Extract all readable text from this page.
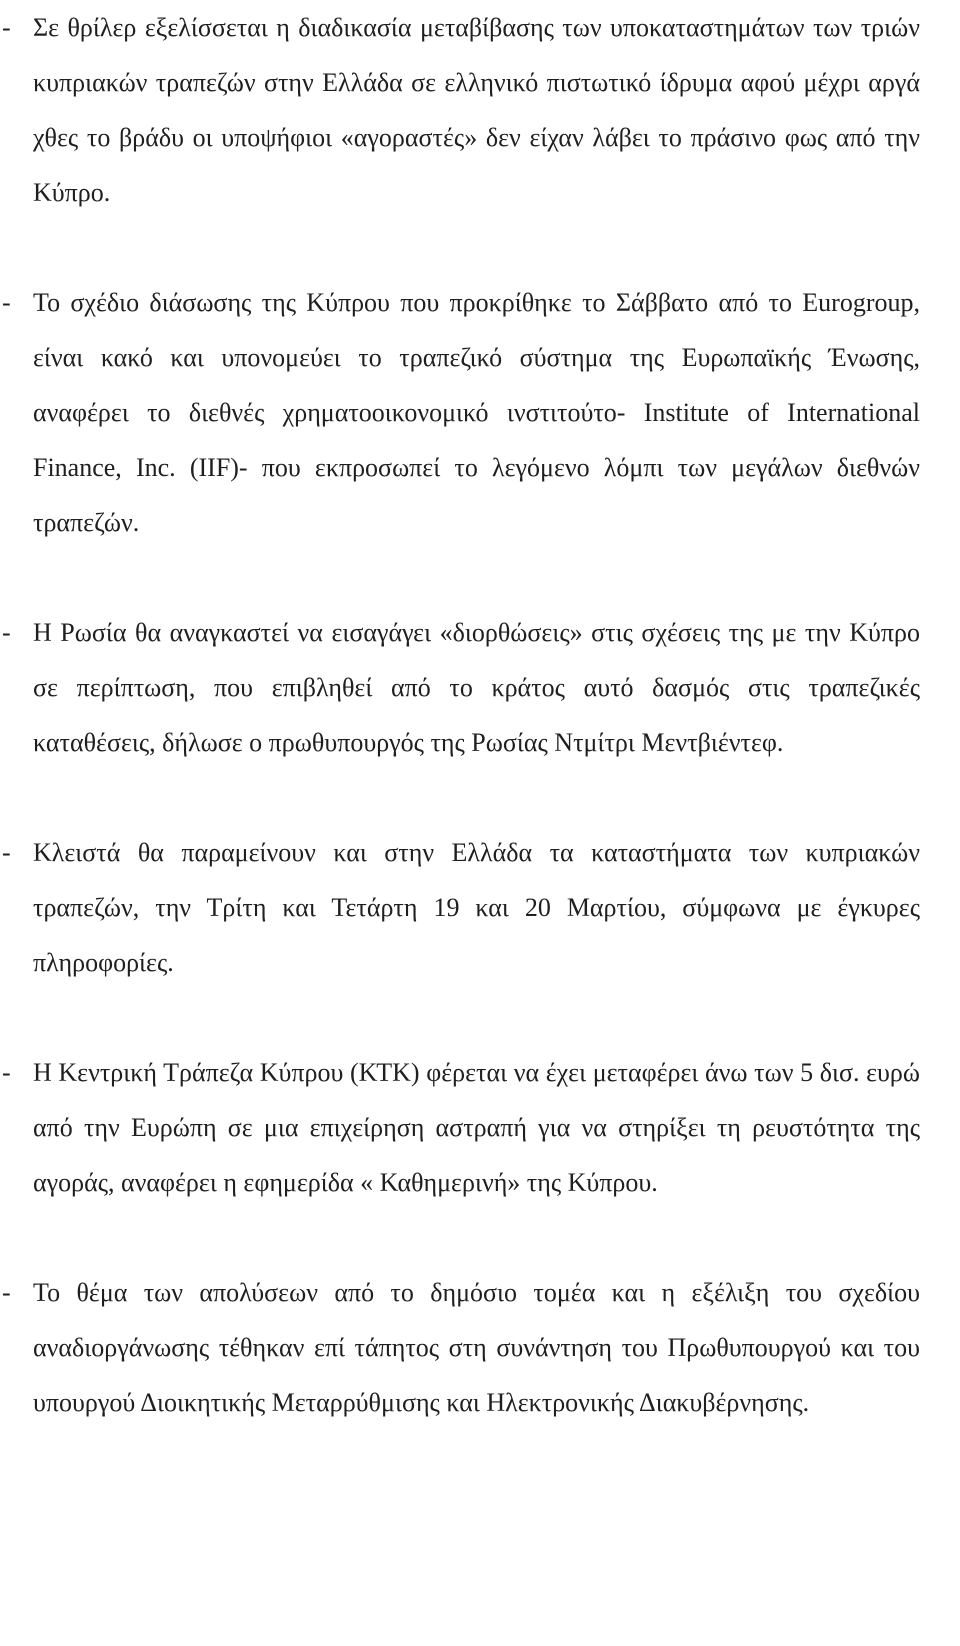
- Σε θρίλερ εξελίσσεται η διαδικασία μεταβίβασης των υποκαταστημάτων των τριών κυπριακών τραπεζών στην Ελλάδα σε ελληνικό πιστωτικό ίδρυμα αφού μέχρι αργά χθες το βράδυ οι υποψήφιοι «αγοραστές» δεν είχαν λάβει το πράσινο φως από την Κύπρο.

- Το σχέδιο διάσωσης της Κύπρου που προκρίθηκε το Σάββατο από το Eurogroup, είναι κακό και υπονομεύει το τραπεζικό σύστημα της Ευρωπαϊκής Ένωσης, αναφέρει το διεθνές χρηματοοικονομικό ινστιτούτο- Institute of International Finance, Inc. (IIF)- που εκπροσωπεί το λεγόμενο λόμπι των μεγάλων διεθνών τραπεζών.

- Η Ρωσία θα αναγκαστεί να εισαγάγει «διορθώσεις» στις σχέσεις της με την Κύπρο σε περίπτωση, που επιβληθεί από το κράτος αυτό δασμός στις τραπεζικές καταθέσεις, δήλωσε ο πρωθυπουργός της Ρωσίας Ντμίτρι Μεντβιέντεφ.

- Κλειστά θα παραμείνουν και στην Ελλάδα τα καταστήματα των κυπριακών τραπεζών, την Τρίτη και Τετάρτη 19 και 20 Μαρτίου, σύμφωνα με έγκυρες πληροφορίες.

- Η Κεντρική Τράπεζα Κύπρου (ΚΤΚ) φέρεται να έχει μεταφέρει άνω των 5 δισ. ευρώ από την Ευρώπη σε μια επιχείρηση αστραπή για να στηρίξει τη ρευστότητα της αγοράς, αναφέρει η εφημερίδα « Καθημερινή» της Κύπρου.

- Το θέμα των απολύσεων από το δημόσιο τομέα και η εξέλιξη του σχεδίου αναδιοργάνωσης τέθηκαν επί τάπητος στη συνάντηση του Πρωθυπουργού και του υπουργού Διοικητικής Μεταρρύθμισης και Ηλεκτρονικής Διακυβέρνησης.
